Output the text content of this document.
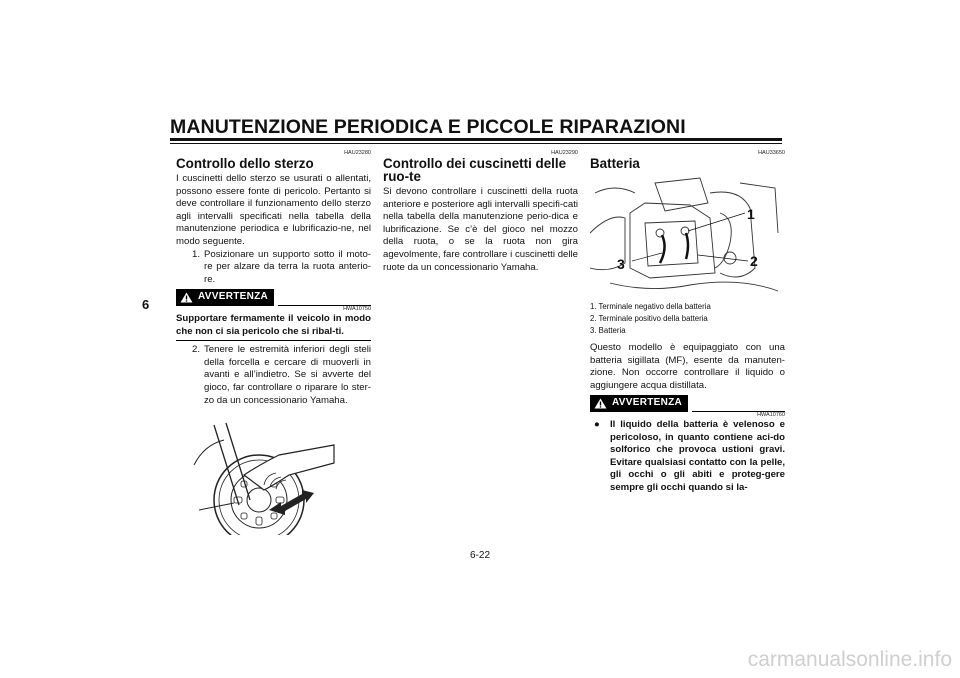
MANUTENZIONE PERIODICA E PICCOLE RIPARAZIONI
6
HAU23280
Controllo dello sterzo

I cuscinetti dello sterzo se usurati o allentati, possono essere fonte di pericolo. Pertanto si deve controllare il funzionamento dello sterzo agli intervalli specificati nella tabella della manutenzione periodica e lubrificazio-ne, nel modo seguente.

1. Posizionare un supporto sotto il moto-re per alzare da terra la ruota anterio-re.
AVVERTENZA
HWA10750

Supportare fermamente il veicolo in modo che non ci sia pericolo che si ribal-ti.

2. Tenere le estremità inferiori degli steli della forcella e cercare di muoverli in avanti e all’indietro. Se si avverte del gioco, far controllare o riparare lo ster-zo da un concessionario Yamaha.
HAU23290
Controllo dei cuscinetti delle ruo-te

Si devono controllare i cuscinetti della ruota anteriore e posteriore agli intervalli specifi-cati nella tabella della manutenzione perio-dica e lubrificazione. Se c’è del gioco nel mozzo della ruota, o se la ruota non gira agevolmente, fare controllare i cuscinetti delle ruote da un concessionario Yamaha.

HAU33650
Batteria
1
2
3
1. Terminale negativo della batteria
2. Terminale positivo della batteria
3. Batteria

Questo modello è equipaggiato con una batteria sigillata (MF), esente da manuten-zione. Non occorre controllare il liquido o aggiungere acqua distillata.

AVVERTENZA
HWA10760
●	Il liquido della batteria è velenoso e pericoloso, in quanto contiene aci-do solforico che provoca ustioni gravi. Evitare qualsiasi contatto con la pelle, gli occhi o gli abiti e proteg-gere sempre gli occhi quando si la-
6-22
carmanualsonline.info
